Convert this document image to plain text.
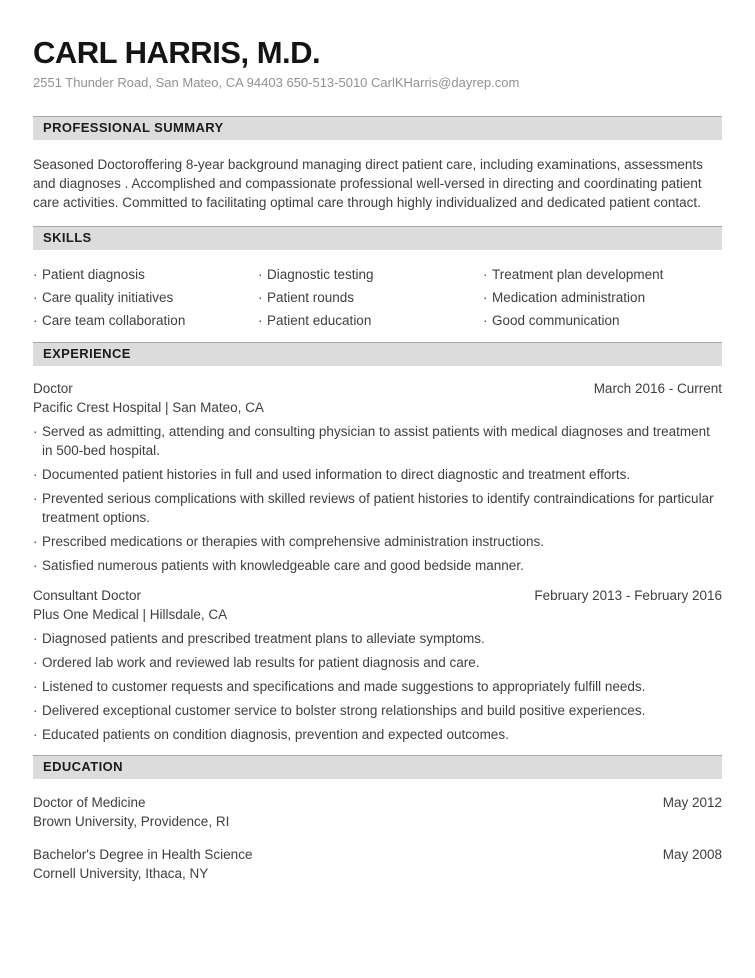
CARL HARRIS, M.D.
2551 Thunder Road, San Mateo, CA 94403 650-513-5010 CarlKHarris@dayrep.com
PROFESSIONAL SUMMARY
Seasoned Doctoroffering 8-year background managing direct patient care, including examinations, assessments and diagnoses . Accomplished and compassionate professional well-versed in directing and coordinating patient care activities. Committed to facilitating optimal care through highly individualized and dedicated patient contact.
SKILLS
· Patient diagnosis
· Care quality initiatives
· Care team collaboration
· Diagnostic testing
· Patient rounds
· Patient education
· Treatment plan development
· Medication administration
· Good communication
EXPERIENCE
Doctor	March 2016 - Current
Pacific Crest Hospital | San Mateo, CA
· Served as admitting, attending and consulting physician to assist patients with medical diagnoses and treatment in 500-bed hospital.
· Documented patient histories in full and used information to direct diagnostic and treatment efforts.
· Prevented serious complications with skilled reviews of patient histories to identify contraindications for particular treatment options.
· Prescribed medications or therapies with comprehensive administration instructions.
· Satisfied numerous patients with knowledgeable care and good bedside manner.
Consultant Doctor	February 2013 - February 2016
Plus One Medical | Hillsdale, CA
· Diagnosed patients and prescribed treatment plans to alleviate symptoms.
· Ordered lab work and reviewed lab results for patient diagnosis and care.
· Listened to customer requests and specifications and made suggestions to appropriately fulfill needs.
· Delivered exceptional customer service to bolster strong relationships and build positive experiences.
· Educated patients on condition diagnosis, prevention and expected outcomes.
EDUCATION
Doctor of Medicine	May 2012
Brown University, Providence, RI
Bachelor's Degree in Health Science	May 2008
Cornell University, Ithaca, NY
